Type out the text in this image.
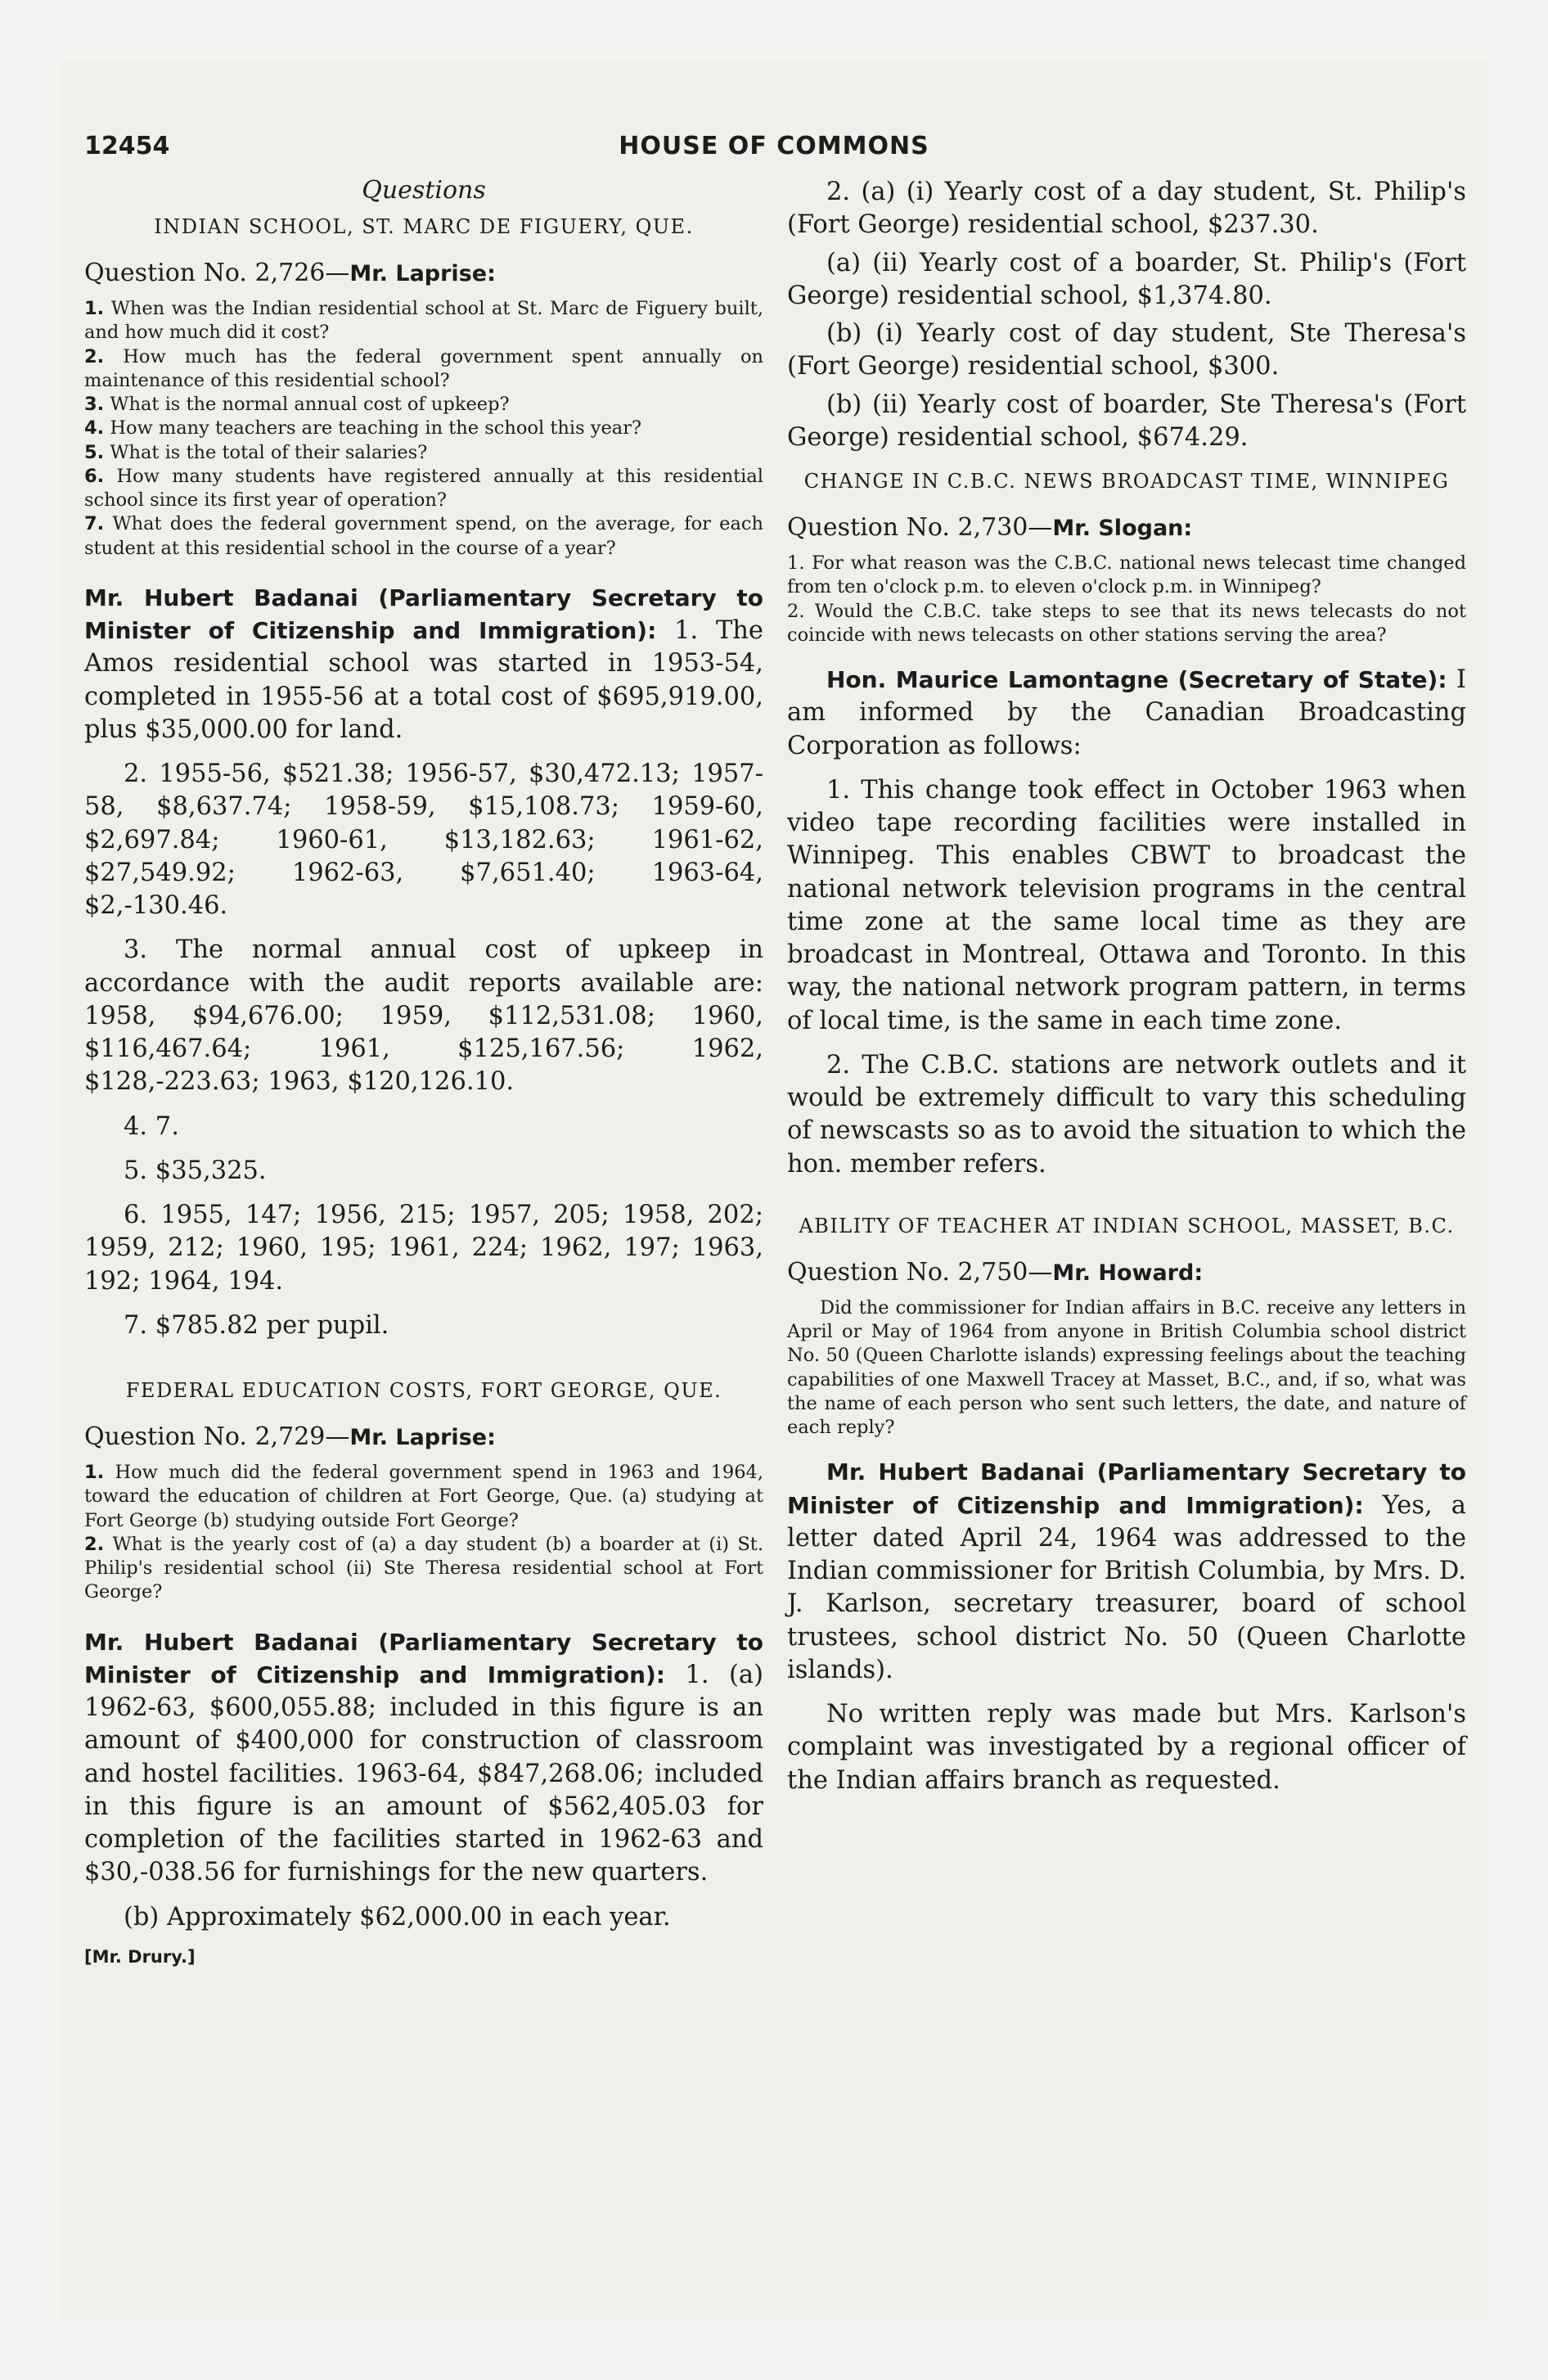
12454	HOUSE OF COMMONS
Questions
INDIAN SCHOOL, ST. MARC DE FIGUERY, QUE.
Question No. 2,726—Mr. Laprise:

1. When was the Indian residential school at St. Marc de Figuery built, and how much did it cost?

2. How much has the federal government spent annually on maintenance of this residential school?

3. What is the normal annual cost of upkeep?

4. How many teachers are teaching in the school this year?

5. What is the total of their salaries?

6. How many students have registered annually at this residential school since its first year of operation?

7. What does the federal government spend, on the average, for each student at this residential school in the course of a year?

Mr. Hubert Badanai (Parliamentary Secretary to Minister of Citizenship and Immigration): 1. The Amos residential school was started in 1953-54, completed in 1955-56 at a total cost of $695,919.00, plus $35,000.00 for land.

2. 1955-56, $521.38; 1956-57, $30,472.13; 1957-58, $8,637.74; 1958-59, $15,108.73; 1959-60, $2,697.84; 1960-61, $13,182.63; 1961-62, $27,549.92; 1962-63, $7,651.40; 1963-64, $2,-130.46.

3. The normal annual cost of upkeep in accordance with the audit reports available are: 1958, $94,676.00; 1959, $112,531.08; 1960, $116,467.64; 1961, $125,167.56; 1962, $128,-223.63; 1963, $120,126.10.

4. 7.

5. $35,325.

6. 1955, 147; 1956, 215; 1957, 205; 1958, 202; 1959, 212; 1960, 195; 1961, 224; 1962, 197; 1963, 192; 1964, 194.

7. $785.82 per pupil.

FEDERAL EDUCATION COSTS, FORT GEORGE, QUE.
Question No. 2,729—Mr. Laprise:

1. How much did the federal government spend in 1963 and 1964, toward the education of children at Fort George, Que. (a) studying at Fort George (b) studying outside Fort George?

2. What is the yearly cost of (a) a day student (b) a boarder at (i) St. Philip's residential school (ii) Ste Theresa residential school at Fort George?

Mr. Hubert Badanai (Parliamentary Secretary to Minister of Citizenship and Immigration): 1. (a) 1962-63, $600,055.88; included in this figure is an amount of $400,000 for construction of classroom and hostel facilities. 1963-64, $847,268.06; included in this figure is an amount of $562,405.03 for completion of the facilities started in 1962-63 and $30,-038.56 for furnishings for the new quarters.

(b) Approximately $62,000.00 in each year.

[Mr. Drury.]

2. (a) (i) Yearly cost of a day student, St. Philip's (Fort George) residential school, $237.30.

(a) (ii) Yearly cost of a boarder, St. Philip's (Fort George) residential school, $1,374.80.

(b) (i) Yearly cost of day student, Ste Theresa's (Fort George) residential school, $300.

(b) (ii) Yearly cost of boarder, Ste Theresa's (Fort George) residential school, $674.29.

CHANGE IN C.B.C. NEWS BROADCAST TIME, WINNIPEG
Question No. 2,730—Mr. Slogan:

1. For what reason was the C.B.C. national news telecast time changed from ten o'clock p.m. to eleven o'clock p.m. in Winnipeg?

2. Would the C.B.C. take steps to see that its news telecasts do not coincide with news telecasts on other stations serving the area?

Hon. Maurice Lamontagne (Secretary of State): I am informed by the Canadian Broadcasting Corporation as follows:

1. This change took effect in October 1963 when video tape recording facilities were installed in Winnipeg. This enables CBWT to broadcast the national network television programs in the central time zone at the same local time as they are broadcast in Montreal, Ottawa and Toronto. In this way, the national network program pattern, in terms of local time, is the same in each time zone.

2. The C.B.C. stations are network outlets and it would be extremely difficult to vary this scheduling of newscasts so as to avoid the situation to which the hon. member refers.

ABILITY OF TEACHER AT INDIAN SCHOOL, MASSET, B.C.
Question No. 2,750—Mr. Howard:

Did the commissioner for Indian affairs in B.C. receive any letters in April or May of 1964 from anyone in British Columbia school district No. 50 (Queen Charlotte islands) expressing feelings about the teaching capabilities of one Maxwell Tracey at Masset, B.C., and, if so, what was the name of each person who sent such letters, the date, and nature of each reply?

Mr. Hubert Badanai (Parliamentary Secretary to Minister of Citizenship and Immigration): Yes, a letter dated April 24, 1964 was addressed to the Indian commissioner for British Columbia, by Mrs. D. J. Karlson, secretary treasurer, board of school trustees, school district No. 50 (Queen Charlotte islands).

No written reply was made but Mrs. Karlson's complaint was investigated by a regional officer of the Indian affairs branch as requested.
